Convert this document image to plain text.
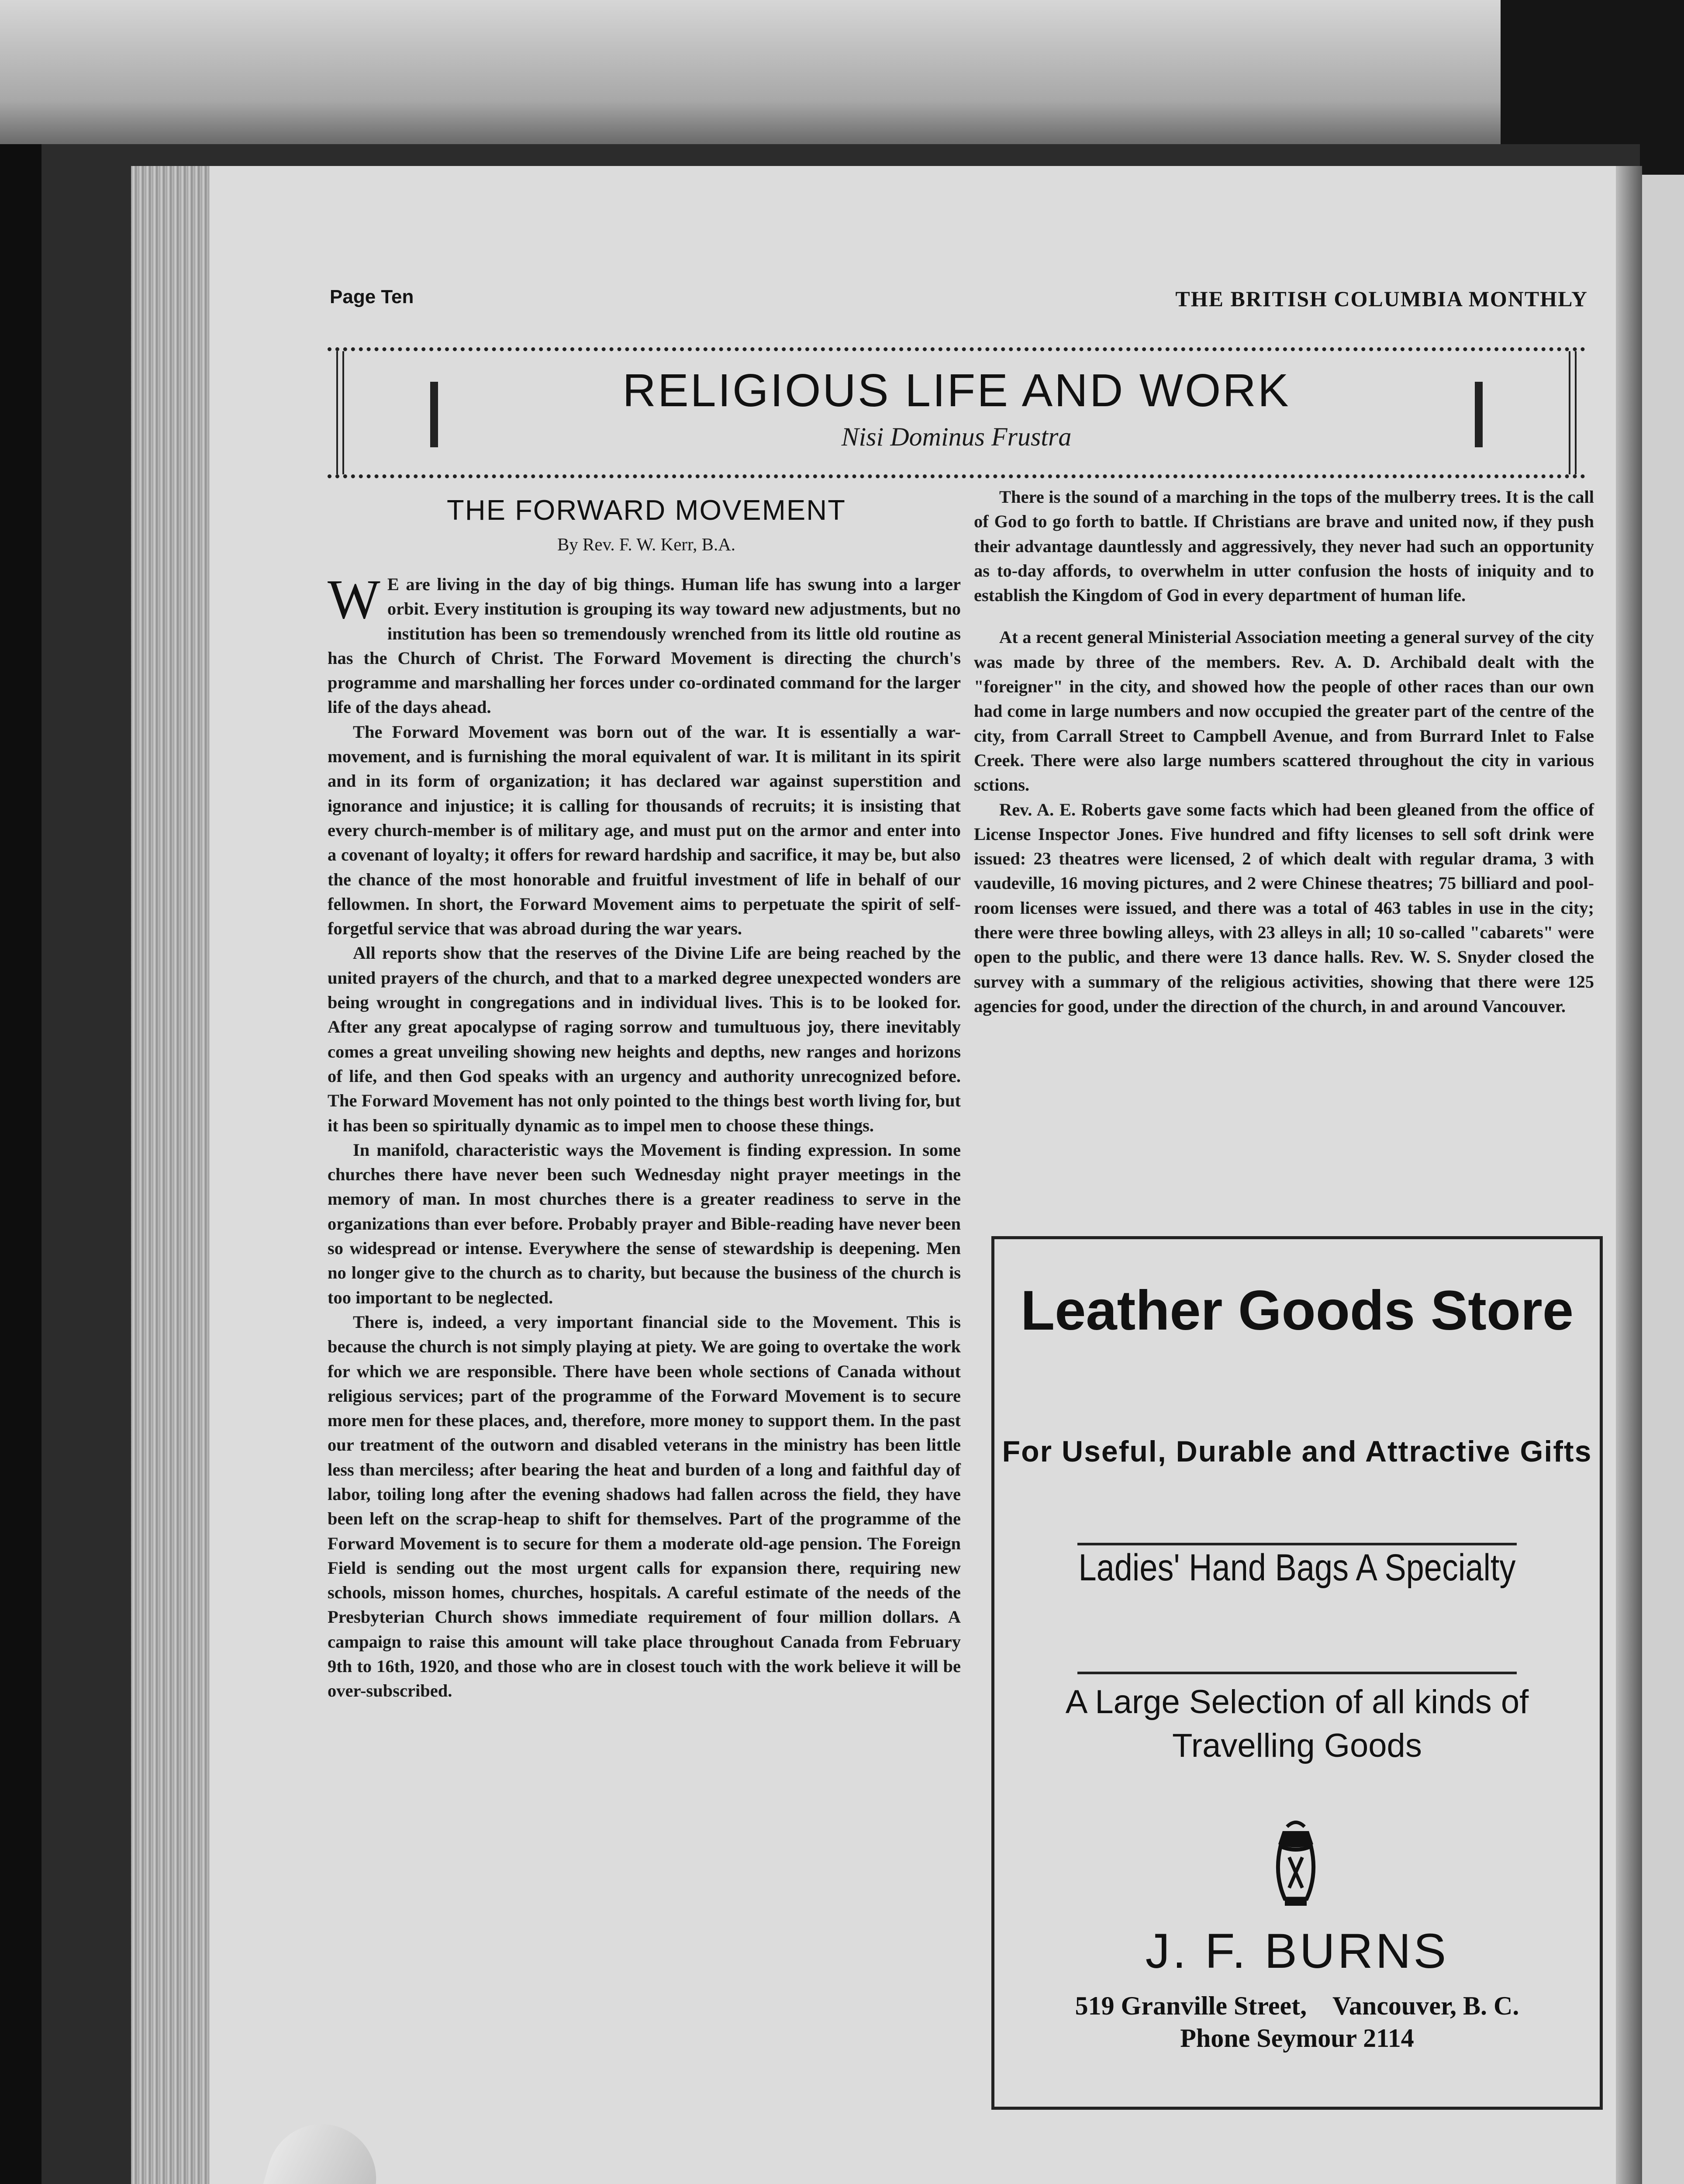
Page Ten	THE BRITISH COLUMBIA MONTHLY
RELIGIOUS LIFE AND WORK
Nisi Dominus Frustra
THE FORWARD MOVEMENT
By Rev. F. W. Kerr, B.A.

W E are living in the day of big things. Human life has swung into a larger orbit. Every institution is grouping its way toward new adjustments, but no institution has been so tremendously wrenched from its little old routine as has the Church of Christ. The Forward Movement is directing the church's programme and marshalling her forces under co-ordinated command for the larger life of the days ahead.

The Forward Movement was born out of the war. It is essentially a war-movement, and is furnishing the moral equivalent of war. It is militant in its spirit and in its form of organization; it has declared war against superstition and ignorance and injustice; it is calling for thousands of recruits; it is insisting that every church-member is of military age, and must put on the armor and enter into a covenant of loyalty; it offers for reward hardship and sacrifice, it may be, but also the chance of the most honorable and fruitful investment of life in behalf of our fellowmen. In short, the Forward Movement aims to perpetuate the spirit of self-forgetful service that was abroad during the war years.

All reports show that the reserves of the Divine Life are being reached by the united prayers of the church, and that to a marked degree unexpected wonders are being wrought in congregations and in individual lives. This is to be looked for. After any great apocalypse of raging sorrow and tumultuous joy, there inevitably comes a great unveiling showing new heights and depths, new ranges and horizons of life, and then God speaks with an urgency and authority unrecognized before. The Forward Movement has not only pointed to the things best worth living for, but it has been so spiritually dynamic as to impel men to choose these things.

In manifold, characteristic ways the Movement is finding expression. In some churches there have never been such Wednesday night prayer meetings in the memory of man. In most churches there is a greater readiness to serve in the organizations than ever before. Probably prayer and Bible-reading have never been so widespread or intense. Everywhere the sense of stewardship is deepening. Men no longer give to the church as to charity, but because the business of the church is too important to be neglected.

There is, indeed, a very important financial side to the Movement. This is because the church is not simply playing at piety. We are going to overtake the work for which we are responsible. There have been whole sections of Canada without religious services; part of the programme of the Forward Movement is to secure more men for these places, and, therefore, more money to support them. In the past our treatment of the outworn and disabled veterans in the ministry has been little less than merciless; after bearing the heat and burden of a long and faithful day of labor, toiling long after the evening shadows had fallen across the field, they have been left on the scrap-heap to shift for themselves. Part of the programme of the Forward Movement is to secure for them a moderate old-age pension. The Foreign Field is sending out the most urgent calls for expansion there, requiring new schools, misson homes, churches, hospitals. A careful estimate of the needs of the Presbyterian Church shows immediate requirement of four million dollars. A campaign to raise this amount will take place throughout Canada from February 9th to 16th, 1920, and those who are in closest touch with the work believe it will be over-subscribed.

There is the sound of a marching in the tops of the mulberry trees. It is the call of God to go forth to battle. If Christians are brave and united now, if they push their advantage dauntlessly and aggressively, they never had such an opportunity as to-day affords, to overwhelm in utter confusion the hosts of iniquity and to establish the Kingdom of God in every department of human life.

At a recent general Ministerial Association meeting a general survey of the city was made by three of the members. Rev. A. D. Archibald dealt with the "foreigner" in the city, and showed how the people of other races than our own had come in large numbers and now occupied the greater part of the centre of the city, from Carrall Street to Campbell Avenue, and from Burrard Inlet to False Creek. There were also large numbers scattered throughout the city in various sctions.

Rev. A. E. Roberts gave some facts which had been gleaned from the office of License Inspector Jones. Five hundred and fifty licenses to sell soft drink were issued: 23 theatres were licensed, 2 of which dealt with regular drama, 3 with vaudeville, 16 moving pictures, and 2 were Chinese theatres; 75 billiard and pool-room licenses were issued, and there was a total of 463 tables in use in the city; there were three bowling alleys, with 23 alleys in all; 10 so-called "cabarets" were open to the public, and there were 13 dance halls. Rev. W. S. Snyder closed the survey with a summary of the religious activities, showing that there were 125 agencies for good, under the direction of the church, in and around Vancouver.

Leather Goods Store
For Useful, Durable and Attractive Gifts
Ladies' Hand Bags A Specialty
A Large Selection of all kinds of Travelling Goods
J. F. BURNS
519 Granville Street,    Vancouver, B. C.
Phone Seymour 2114
